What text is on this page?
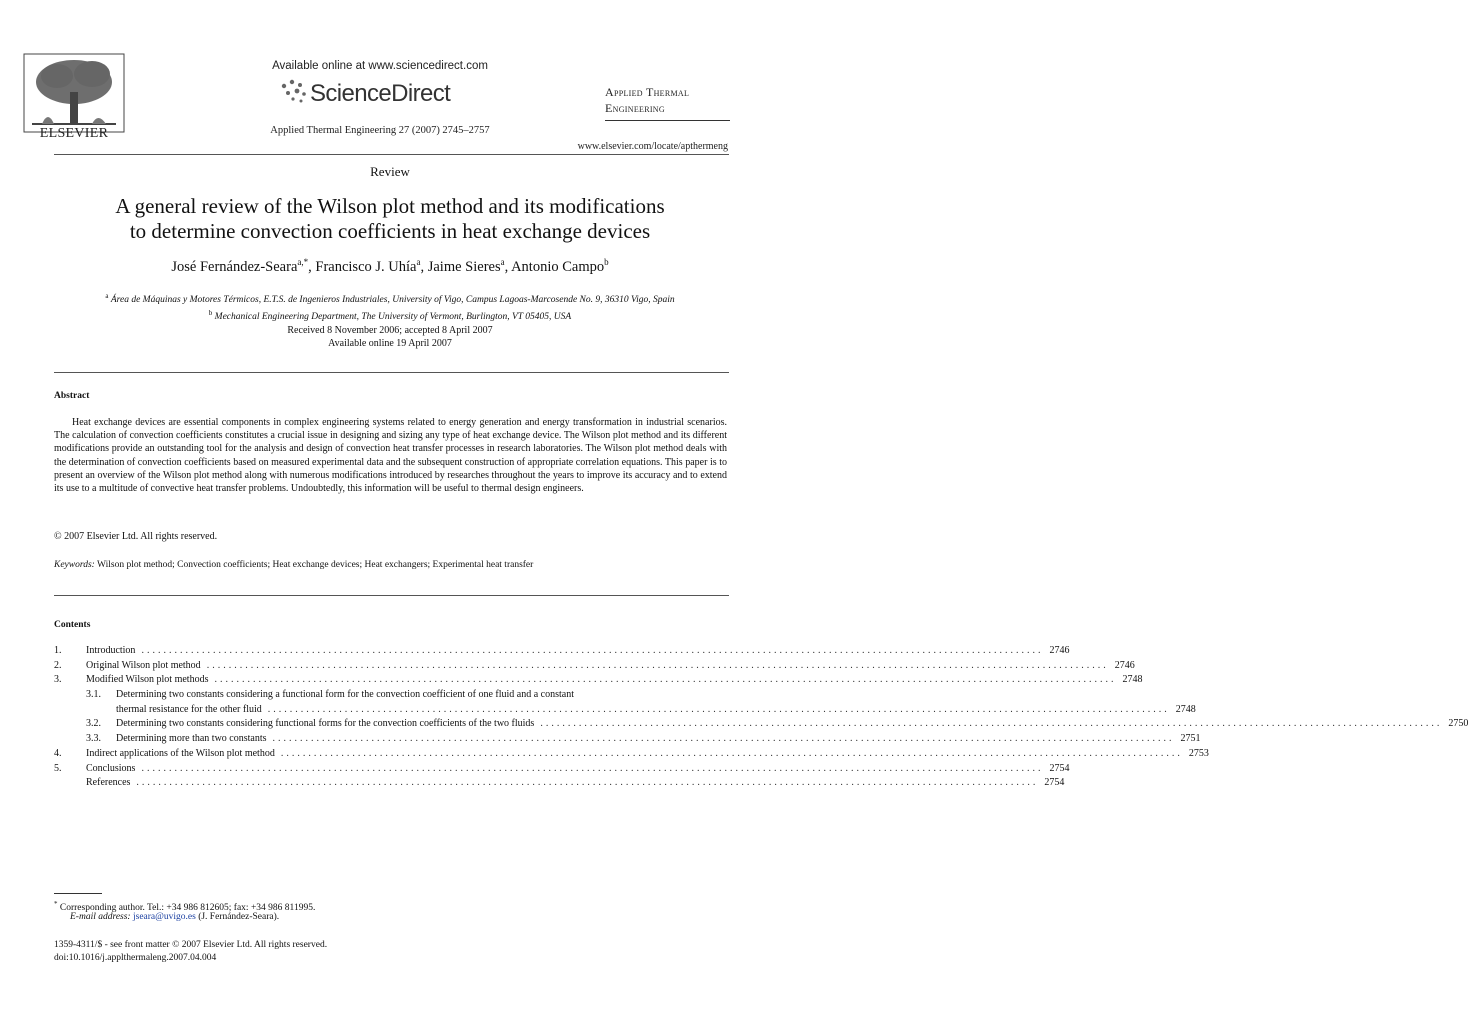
ELSEVIER
Available online at www.sciencedirect.com
ScienceDirect
Applied Thermal Engineering 27 (2007) 2745–2757
Applied Thermal
Engineering
www.elsevier.com/locate/apthermeng
Review
A general review of the Wilson plot method and its modifications
to determine convection coefficients in heat exchange devices
José Fernández-Seara$^{a,*}$, Francisco J. Uhía$^a$, Jaime Sieres$^a$, Antonio Campo$^b$
$^a$ Área de Máquinas y Motores Térmicos, E.T.S. de Ingenieros Industriales, University of Vigo, Campus Lagoas-Marcosende No. 9, 36310 Vigo, Spain
$^b$ Mechanical Engineering Department, The University of Vermont, Burlington, VT 05405, USA
Received 8 November 2006; accepted 8 April 2007
Available online 19 April 2007
Abstract

Heat exchange devices are essential components in complex engineering systems related to energy generation and energy transformation in industrial scenarios. The calculation of convection coefficients constitutes a crucial issue in designing and sizing any type of heat exchange device. The Wilson plot method and its different modifications provide an outstanding tool for the analysis and design of convection heat transfer processes in research laboratories. The Wilson plot method deals with the determination of convection coefficients based on measured experimental data and the subsequent construction of appropriate correlation equations. This paper is to present an overview of the Wilson plot method along with numerous modifications introduced by researches throughout the years to improve its accuracy and to extend its use to a multitude of convective heat transfer problems. Undoubtedly, this information will be useful to thermal design engineers.

© 2007 Elsevier Ltd. All rights reserved.
Keywords: Wilson plot method; Convection coefficients; Heat exchange devices; Heat exchangers; Experimental heat transfer
Contents
1.	Introduction .................................................................................................................................................................... 2746
2.	Original Wilson plot method .................................................................................................................................................................... 2746
3.	Modified Wilson plot methods .................................................................................................................................................................... 2748
3.1.	Determining two constants considering a functional form for the convection coefficient of one fluid and a constant
thermal resistance for the other fluid .................................................................................................................................................................... 2748
3.2.	Determining two constants considering functional forms for the convection coefficients of the two fluids .................................................................................................................................................................... 2750
3.3.	Determining more than two constants .................................................................................................................................................................... 2751
4.	Indirect applications of the Wilson plot method .................................................................................................................................................................... 2753
5.	Conclusions .................................................................................................................................................................... 2754
References .................................................................................................................................................................... 2754
* Corresponding author. Tel.: +34 986 812605; fax: +34 986 811995.
E-mail address: jseara@uvigo.es (J. Fernández-Seara).
1359-4311/$ - see front matter © 2007 Elsevier Ltd. All rights reserved.
doi:10.1016/j.applthermaleng.2007.04.004
